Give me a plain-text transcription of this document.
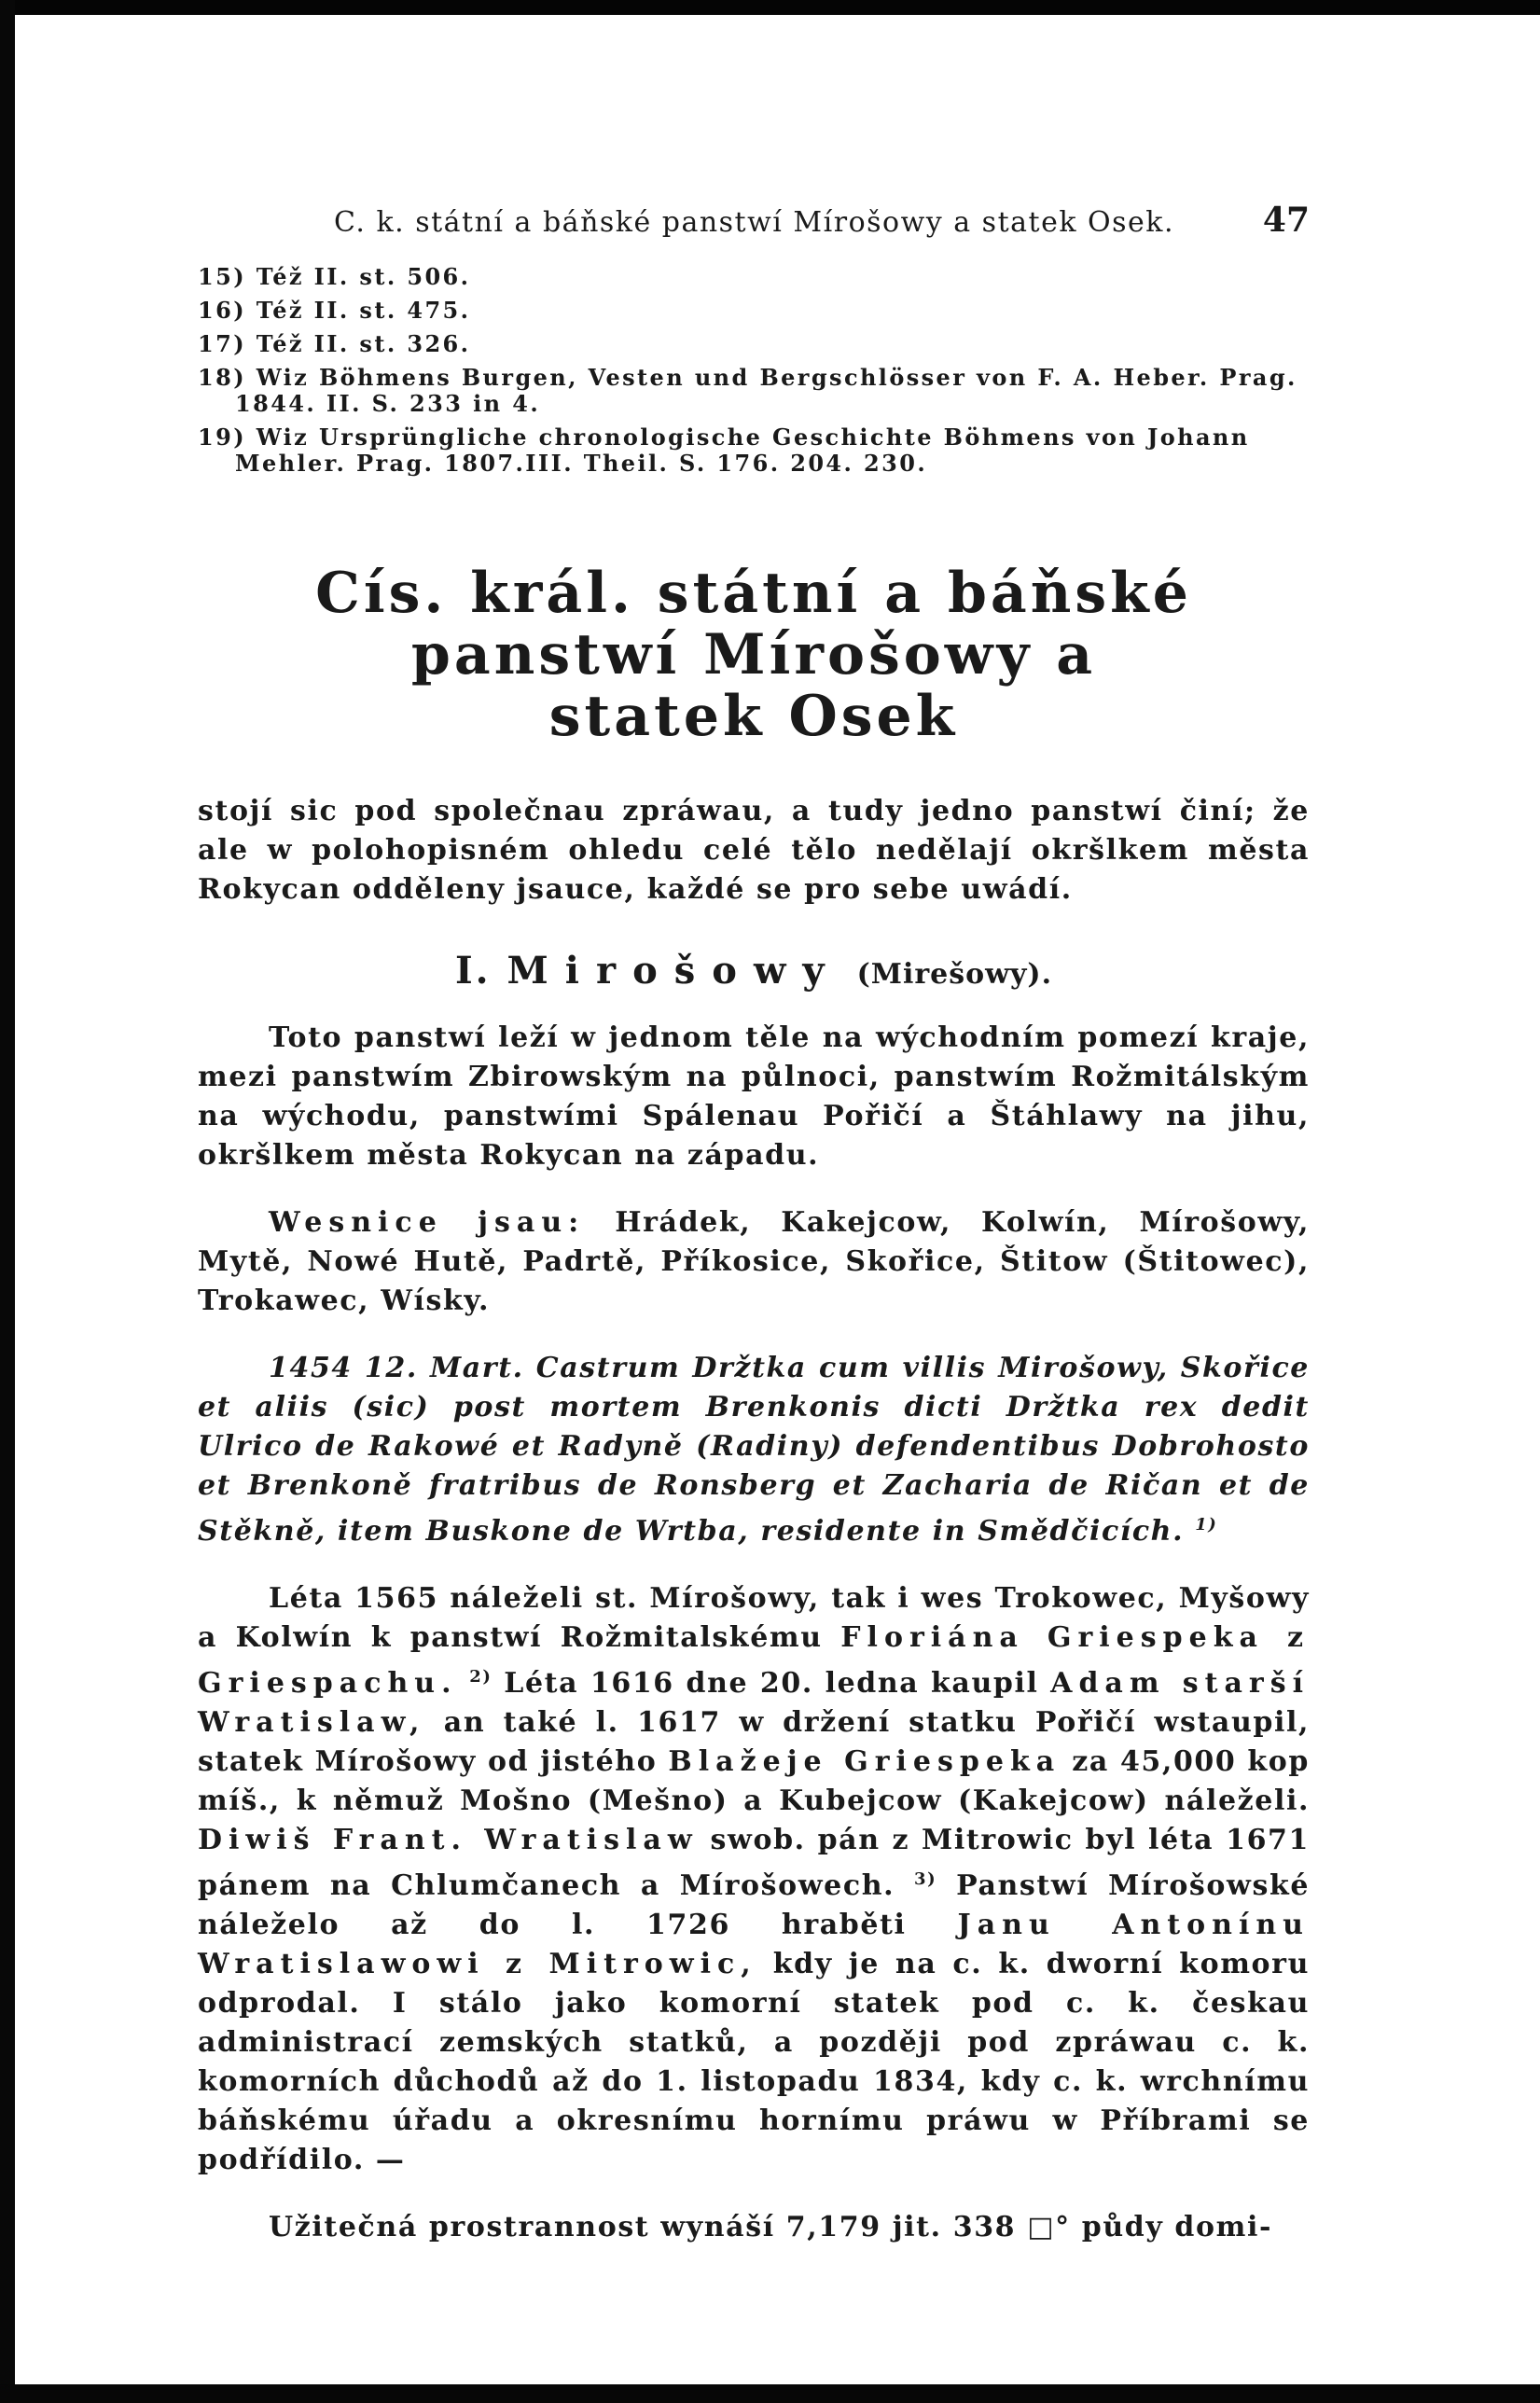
C. k. státní a báňské panstwí Mírošowy a statek Osek.	47
15) Též II. st. 506.
16) Též II. st. 475.
17) Též II. st. 326.
18) Wiz Böhmens Burgen, Vesten und Bergschlösser von F. A. Heber. Prag. 1844. II. S. 233 in 4.
19) Wiz Ursprüngliche chronologische Geschichte Böhmens von Johann Mehler. Prag. 1807.III. Theil. S. 176. 204. 230.
Cís. král. státní a báňské panstwí Mírošowy a
statek Osek

stojí sic pod společnau zpráwau, a tudy jedno panstwí činí; že ale w polohopisném ohledu celé tělo nedělají okršlkem města Rokycan odděleny jsauce, každé se pro sebe uwádí.

I. Mirošowy (Mirešowy).

Toto panstwí leží w jednom těle na wýchodním pomezí kraje, mezi panstwím Zbirowským na půlnoci, panstwím Rožmitálským na wýchodu, panstwími Spálenau Pořičí a Štáhlawy na jihu, okršlkem města Rokycan na západu.

Wesnice jsau: Hrádek, Kakejcow, Kolwín, Mírošowy, Mytě, Nowé Hutě, Padrtě, Příkosice, Skořice, Štitow (Štitowec), Trokawec, Wísky.

1454 12. Mart. Castrum Držtka cum villis Mirošowy, Skořice et aliis (sic) post mortem Brenkonis dicti Držtka rex dedit Ulrico de Rakowé et Radyně (Radiny) defendentibus Dobrohosto et Brenkoně fratribus de Ronsberg et Zacharia de Ričan et de Stěkně, item Buskone de Wrtba, residente in Smědčicích. $^{1)}$

Léta 1565 náleželi st. Mírošowy, tak i wes Trokowec, Myšowy a Kolwín k panstwí Rožmitalskému Floriána Griespeka z Griespachu. $^{2)}$ Léta 1616 dne 20. ledna kaupil Adam starší Wratislaw, an také l. 1617 w držení statku Pořičí wstaupil, statek Mírošowy od jistého Blažeje Griespeka za 45,000 kop míš., k němuž Mošno (Mešno) a Kubejcow (Kakejcow) náleželi. Diwiš Frant. Wratislaw swob. pán z Mitrowic byl léta 1671 pánem na Chlumčanech a Mírošowech. $^{3)}$ Panstwí Mírošowské náleželo až do l. 1726 hraběti Janu Antonínu Wratislawowi z Mitrowic, kdy je na c. k. dworní komoru odprodal. I stálo jako komorní statek pod c. k. českau administrací zemských statků, a později pod zpráwau c. k. komorních důchodů až do 1. listopadu 1834, kdy c. k. wrchnímu báňskému úřadu a okresnímu hornímu práwu w Příbrami se podřídilo. —

Užitečná prostrannost wynáší 7,179 jit. 338 □° půdy domi-
